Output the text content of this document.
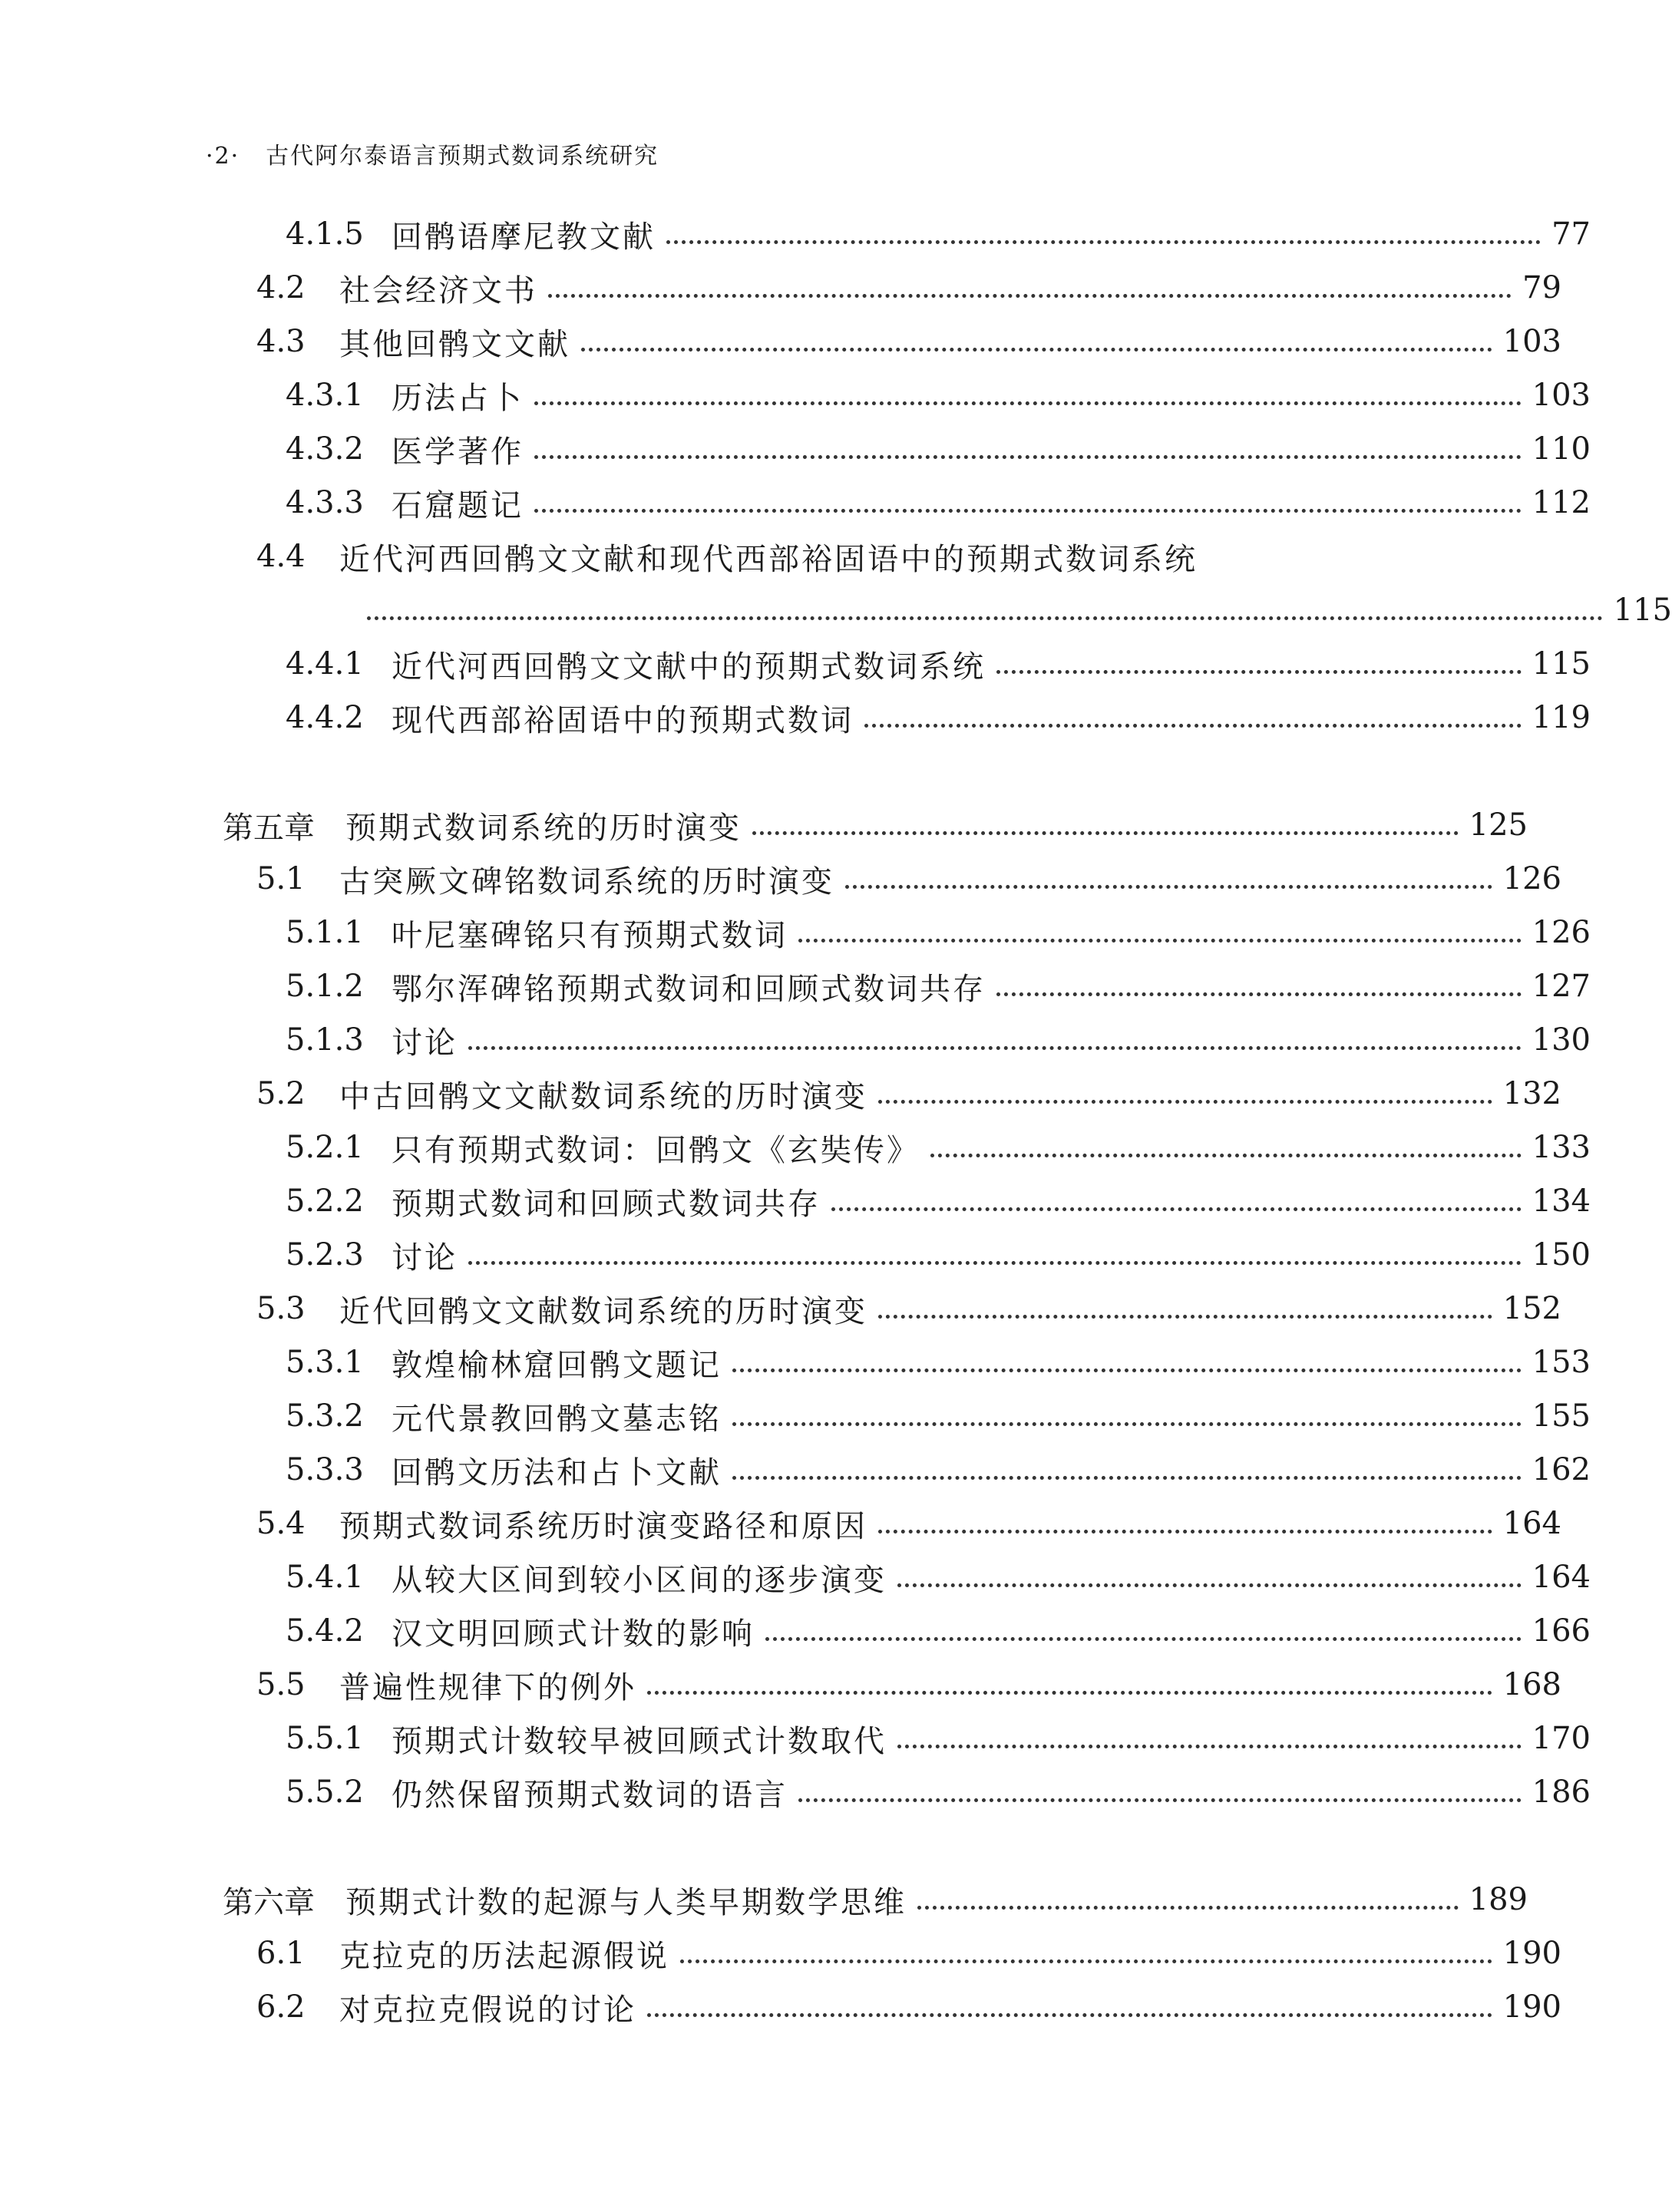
·2· 古代阿尔泰语言预期式数词系统研究
4.1.5 回鹘语摩尼教文献	77
4.2	社会经济文书	79
4.3	其他回鹘文文献	103
4.3.1 历法占卜	103
4.3.2 医学著作	110
4.3.3 石窟题记	112
4.4	近代河西回鹘文文献和现代西部裕固语中的预期式数词系统
115
4.4.1 近代河西回鹘文文献中的预期式数词系统	115
4.4.2 现代西部裕固语中的预期式数词	119
第五章	预期式数词系统的历时演变	125
5.1	古突厥文碑铭数词系统的历时演变	126
5.1.1 叶尼塞碑铭只有预期式数词	126
5.1.2 鄂尔浑碑铭预期式数词和回顾式数词共存	127
5.1.3 讨论	130
5.2	中古回鹘文文献数词系统的历时演变	132
5.2.1 只有预期式数词：回鹘文《玄奘传》	133
5.2.2 预期式数词和回顾式数词共存	134
5.2.3 讨论	150
5.3	近代回鹘文文献数词系统的历时演变	152
5.3.1 敦煌榆林窟回鹘文题记	153
5.3.2 元代景教回鹘文墓志铭	155
5.3.3 回鹘文历法和占卜文献	162
5.4	预期式数词系统历时演变路径和原因	164
5.4.1 从较大区间到较小区间的逐步演变	164
5.4.2 汉文明回顾式计数的影响	166
5.5	普遍性规律下的例外	168
5.5.1 预期式计数较早被回顾式计数取代	170
5.5.2 仍然保留预期式数词的语言	186
第六章	预期式计数的起源与人类早期数学思维	189
6.1	克拉克的历法起源假说	190
6.2	对克拉克假说的讨论	190
